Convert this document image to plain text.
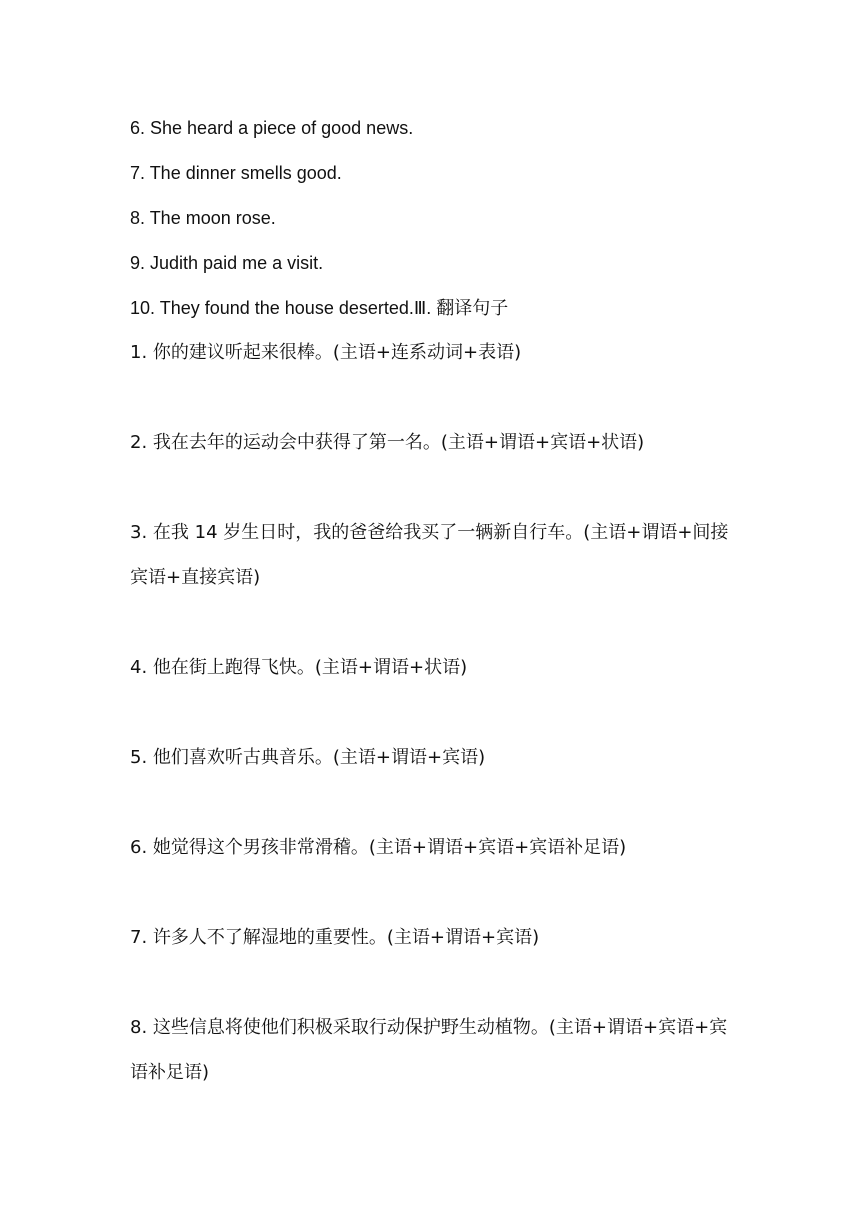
6. She heard a piece of good news.
7. The dinner smells good.
8. The moon rose.
9. Judith paid me a visit.
10. They found the house deserted.Ⅲ. 翻译句子
1. 你的建议听起来很棒。(主语+连系动词+表语)
2. 我在去年的运动会中获得了第一名。(主语+谓语+宾语+状语)
3. 在我 14 岁生日时，我的爸爸给我买了一辆新自行车。(主语+谓语+间接宾语+直接宾语)
4. 他在街上跑得飞快。(主语+谓语+状语)
5. 他们喜欢听古典音乐。(主语+谓语+宾语)
6. 她觉得这个男孩非常滑稽。(主语+谓语+宾语+宾语补足语)
7. 许多人不了解湿地的重要性。(主语+谓语+宾语)
8. 这些信息将使他们积极采取行动保护野生动植物。(主语+谓语+宾语+宾语补足语)
